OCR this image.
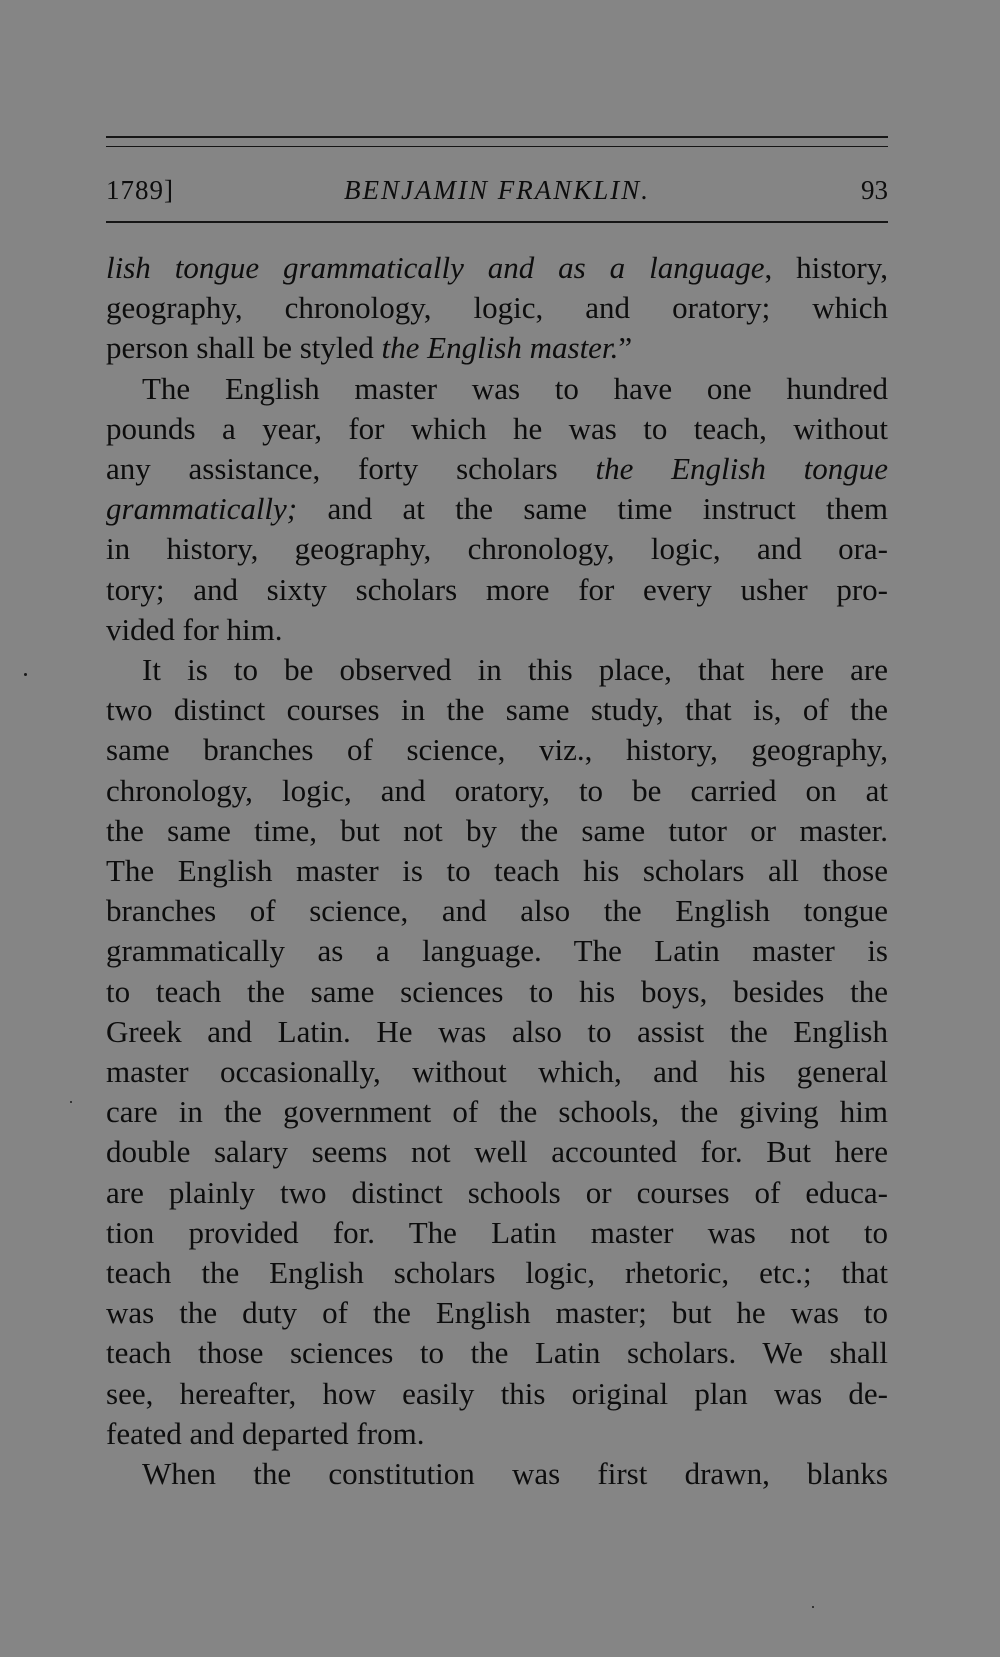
1789]	BENJAMIN FRANKLIN.	93

lish tongue grammatically and as a language, history,

geography, chronology, logic, and oratory; which

person shall be styled the English master.”

The English master was to have one hundred

pounds a year, for which he was to teach, without

any assistance, forty scholars the English tongue

grammatically; and at the same time instruct them

in history, geography, chronology, logic, and ora-

tory; and sixty scholars more for every usher pro-

vided for him.

It is to be observed in this place, that here are

two distinct courses in the same study, that is, of the

same branches of science, viz., history, geography,

chronology, logic, and oratory, to be carried on at

the same time, but not by the same tutor or master.

The English master is to teach his scholars all those

branches of science, and also the English tongue

grammatically as a language. The Latin master is

to teach the same sciences to his boys, besides the

Greek and Latin. He was also to assist the English

master occasionally, without which, and his general

care in the government of the schools, the giving him

double salary seems not well accounted for. But here

are plainly two distinct schools or courses of educa-

tion provided for. The Latin master was not to

teach the English scholars logic, rhetoric, etc.; that

was the duty of the English master; but he was to

teach those sciences to the Latin scholars. We shall

see, hereafter, how easily this original plan was de-

feated and departed from.

When the constitution was first drawn, blanks
